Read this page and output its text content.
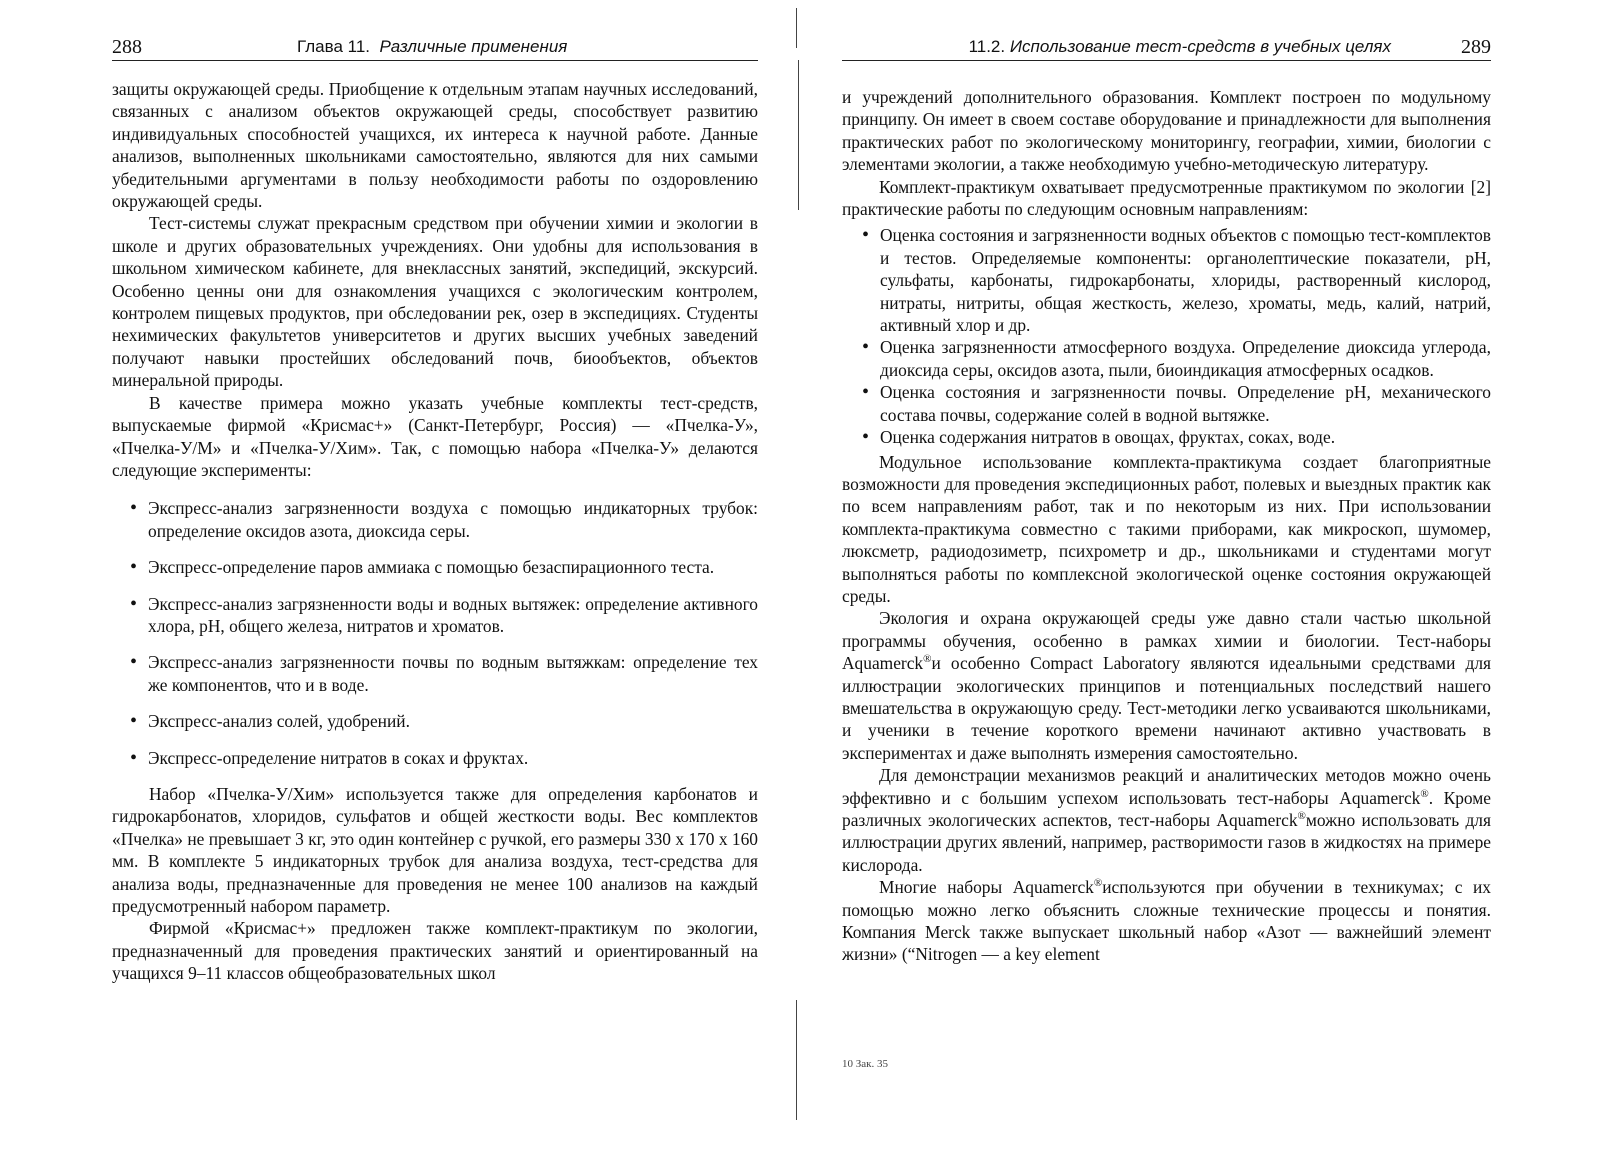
288	Глава 11. Различные применения

защиты окружающей среды. Приобщение к отдельным этапам научных исследований, связанных с анализом объектов окружающей среды, способствует развитию индивидуальных способностей учащихся, их интереса к научной работе. Данные анализов, выполненных школьниками самостоятельно, являются для них самыми убедительными аргументами в пользу необходимости работы по оздоровлению окружающей среды.

Тест-системы служат прекрасным средством при обучении химии и экологии в школе и других образовательных учреждениях. Они удобны для использования в школьном химическом кабинете, для внеклассных занятий, экспедиций, экскурсий. Особенно ценны они для ознакомления учащихся с экологическим контролем, контролем пищевых продуктов, при обследовании рек, озер в экспедициях. Студенты нехимических факультетов университетов и других высших учебных заведений получают навыки простейших обследований почв, биообъектов, объектов минеральной природы.

В качестве примера можно указать учебные комплекты тест-средств, выпускаемые фирмой «Крисмас+» (Санкт-Петербург, Россия) — «Пчелка-У», «Пчелка-У/М» и «Пчелка-У/Хим». Так, с помощью набора «Пчелка-У» делаются следующие эксперименты:

• Экспресс-анализ загрязненности воздуха с помощью индикаторных трубок: определение оксидов азота, диоксида серы.
• Экспресс-определение паров аммиака с помощью безаспирационного теста.
• Экспресс-анализ загрязненности воды и водных вытяжек: определение активного хлора, pH, общего железа, нитратов и хроматов.
• Экспресс-анализ загрязненности почвы по водным вытяжкам: определение тех же компонентов, что и в воде.
• Экспресс-анализ солей, удобрений.
• Экспресс-определение нитратов в соках и фруктах.

Набор «Пчелка-У/Хим» используется также для определения карбонатов и гидрокарбонатов, хлоридов, сульфатов и общей жесткости воды. Вес комплектов «Пчелка» не превышает 3 кг, это один контейнер с ручкой, его размеры 330 х 170 х 160 мм. В комплекте 5 индикаторных трубок для анализа воздуха, тест-средства для анализа воды, предназначенные для проведения не менее 100 анализов на каждый предусмотренный набором параметр.

Фирмой «Крисмас+» предложен также комплект-практикум по экологии, предназначенный для проведения практических занятий и ориентированный на учащихся 9–11 классов общеобразовательных школ

11.2. Использование тест-средств в учебных целях	289

и учреждений дополнительного образования. Комплект построен по модульному принципу. Он имеет в своем составе оборудование и принадлежности для выполнения практических работ по экологическому мониторингу, географии, химии, биологии с элементами экологии, а также необходимую учебно-методическую литературу.

Комплект-практикум охватывает предусмотренные практикумом по экологии [2] практические работы по следующим основным направлениям:

• Оценка состояния и загрязненности водных объектов с помощью тест-комплектов и тестов. Определяемые компоненты: органолептические показатели, pH, сульфаты, карбонаты, гидрокарбонаты, хлориды, растворенный кислород, нитраты, нитриты, общая жесткость, железо, хроматы, медь, калий, натрий, активный хлор и др.
• Оценка загрязненности атмосферного воздуха. Определение диоксида углерода, диоксида серы, оксидов азота, пыли, биоиндикация атмосферных осадков.
• Оценка состояния и загрязненности почвы. Определение pH, механического состава почвы, содержание солей в водной вытяжке.
• Оценка содержания нитратов в овощах, фруктах, соках, воде.

Модульное использование комплекта-практикума создает благоприятные возможности для проведения экспедиционных работ, полевых и выездных практик как по всем направлениям работ, так и по некоторым из них. При использовании комплекта-практикума совместно с такими приборами, как микроскоп, шумомер, люксметр, радиодозиметр, психрометр и др., школьниками и студентами могут выполняться работы по комплексной экологической оценке состояния окружающей среды.

Экология и охрана окружающей среды уже давно стали частью школьной программы обучения, особенно в рамках химии и биологии. Тест-наборы Aquamerck®и особенно Compact Laboratory являются идеальными средствами для иллюстрации экологических принципов и потенциальных последствий нашего вмешательства в окружающую среду. Тест-методики легко усваиваются школьниками, и ученики в течение короткого времени начинают активно участвовать в экспериментах и даже выполнять измерения самостоятельно.

Для демонстрации механизмов реакций и аналитических методов можно очень эффективно и с большим успехом использовать тест-наборы Aquamerck®. Кроме различных экологических аспектов, тест-наборы Aquamerck®можно использовать для иллюстрации других явлений, например, растворимости газов в жидкостях на примере кислорода.

Многие наборы Aquamerck®используются при обучении в техникумах; с их помощью можно легко объяснить сложные технические процессы и понятия. Компания Merck также выпускает школьный набор «Азот — важнейший элемент жизни» (“Nitrogen — a key element

10 Зак. 35
